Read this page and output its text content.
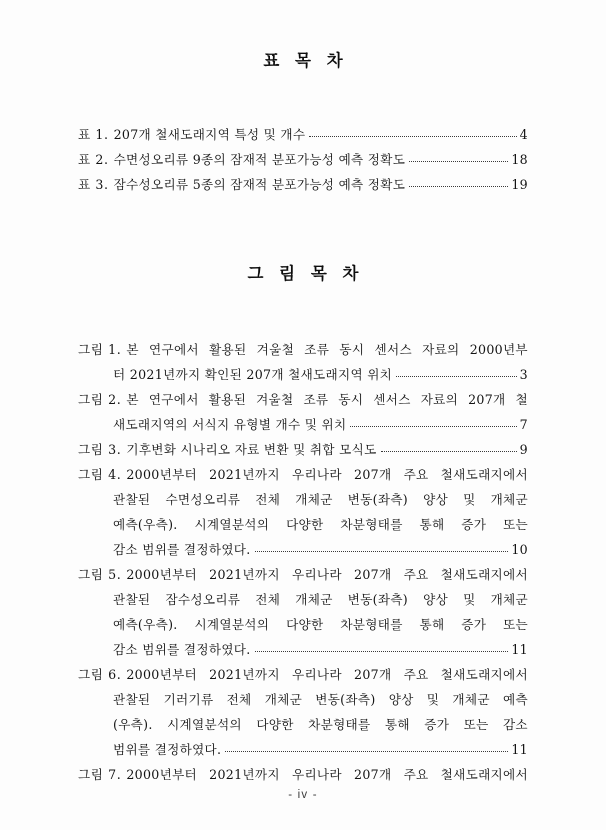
표 목 차
표 1. 207개 철새도래지역 특성 및 개수	4
표 2. 수면성오리류 9종의 잠재적 분포가능성 예측 정확도	18
표 3. 잠수성오리류 5종의 잠재적 분포가능성 예측 정확도	19
그 림 목 차
그림 1. 본 연구에서 활용된 겨울철 조류 동시 센서스 자료의 2000년부
터 2021년까지 확인된 207개 철새도래지역 위치	3
그림 2. 본 연구에서 활용된 겨울철 조류 동시 센서스 자료의 207개 철
새도래지역의 서식지 유형별 개수 및 위치	7
그림 3. 기후변화 시나리오 자료 변환 및 취합 모식도	9
그림 4. 2000년부터 2021년까지 우리나라 207개 주요 철새도래지에서
관찰된 수면성오리류 전체 개체군 변동(좌측) 양상 및 개체군
예측(우측). 시계열분석의 다양한 차분형태를 통해 증가 또는
감소 범위를 결정하였다.	10
그림 5. 2000년부터 2021년까지 우리나라 207개 주요 철새도래지에서
관찰된 잠수성오리류 전체 개체군 변동(좌측) 양상 및 개체군
예측(우측). 시계열분석의 다양한 차분형태를 통해 증가 또는
감소 범위를 결정하였다.	11
그림 6. 2000년부터 2021년까지 우리나라 207개 주요 철새도래지에서
관찰된 기러기류 전체 개체군 변동(좌측) 양상 및 개체군 예측
(우측). 시계열분석의 다양한 차분형태를 통해 증가 또는 감소
범위를 결정하였다.	11
그림 7. 2000년부터 2021년까지 우리나라 207개 주요 철새도래지에서
- iv -
